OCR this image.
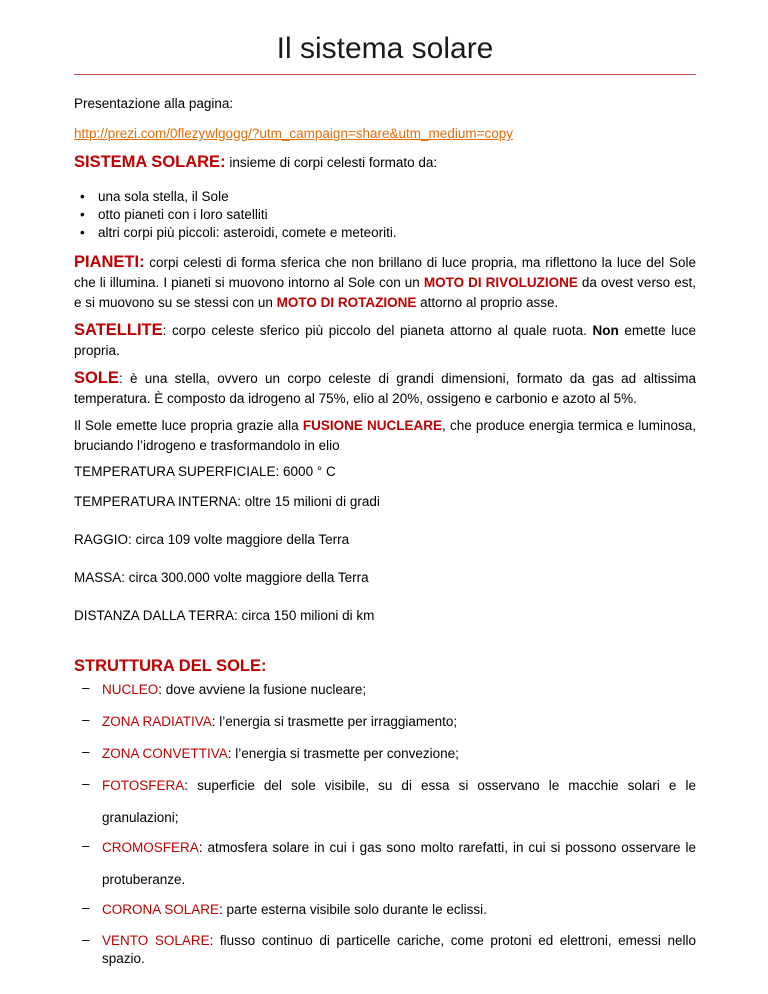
Il sistema solare
Presentazione alla pagina:
http://prezi.com/0flezywlgogg/?utm_campaign=share&utm_medium=copy
SISTEMA SOLARE: insieme di corpi celesti formato da:
• una sola stella, il Sole
• otto pianeti con i loro satelliti
• altri corpi più piccoli: asteroidi, comete e meteoriti.
PIANETI: corpi celesti di forma sferica che non brillano di luce propria, ma riflettono la luce del Sole che li illumina. I pianeti si muovono intorno al Sole con un MOTO DI RIVOLUZIONE da ovest verso est, e si muovono su se stessi con un MOTO DI ROTAZIONE attorno al proprio asse.
SATELLITE: corpo celeste sferico più piccolo del pianeta attorno al quale ruota. Non emette luce propria.
SOLE: è una stella, ovvero un corpo celeste di grandi dimensioni, formato da gas ad altissima temperatura. È composto da idrogeno al 75%, elio al 20%, ossigeno e carbonio e azoto al 5%.
Il Sole emette luce propria grazie alla FUSIONE NUCLEARE, che produce energia termica e luminosa, bruciando l’idrogeno e trasformandolo in elio
TEMPERATURA SUPERFICIALE: 6000 ° C
TEMPERATURA INTERNA: oltre 15 milioni di gradi
RAGGIO: circa 109 volte maggiore della Terra
MASSA: circa 300.000 volte maggiore della Terra
DISTANZA DALLA TERRA: circa 150 milioni di km
STRUTTURA DEL SOLE:
– NUCLEO: dove avviene la fusione nucleare;
– ZONA RADIATIVA: l’energia si trasmette per irraggiamento;
– ZONA CONVETTIVA: l’energia si trasmette per convezione;
– FOTOSFERA: superficie del sole visibile, su di essa si osservano le macchie solari e le granulazioni;
– CROMOSFERA: atmosfera solare in cui i gas sono molto rarefatti, in cui si possono osservare le protuberanze.
– CORONA SOLARE: parte esterna visibile solo durante le eclissi.
– VENTO SOLARE: flusso continuo di particelle cariche, come protoni ed elettroni, emessi nello spazio.
